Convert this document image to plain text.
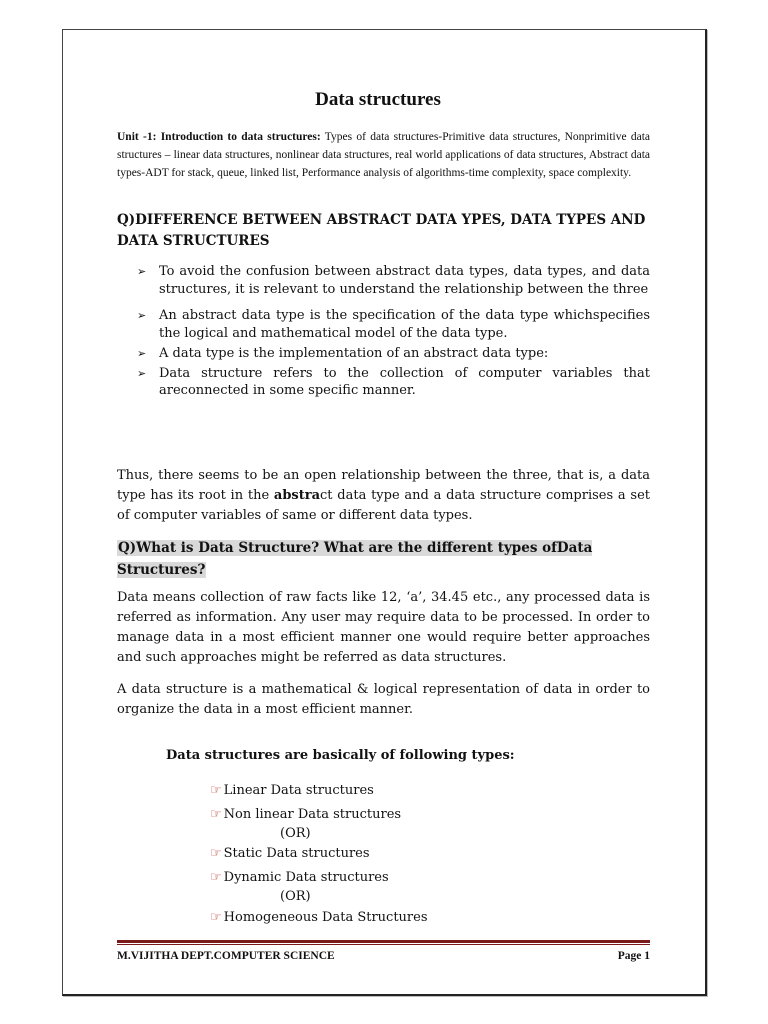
Data structures
Unit -1: Introduction to data structures: Types of data structures-Primitive data structures, Nonprimitive data structures – linear data structures, nonlinear data structures, real world applications of data structures, Abstract data types-ADT for stack, queue, linked list, Performance analysis of algorithms-time complexity, space complexity.
Q)DIFFERENCE BETWEEN ABSTRACT DATA YPES, DATA TYPES AND DATA STRUCTURES
➢ To avoid the confusion between abstract data types, data types, and data structures, it is relevant to understand the relationship between the three
➢ An abstract data type is the specification of the data type whichspecifies the logical and mathematical model of the data type.
➢ A data type is the implementation of an abstract data type:
➢ Data structure refers to the collection of computer variables that areconnected in some specific manner.
Thus, there seems to be an open relationship between the three, that is, a data type has its root in the abstract data type and a data structure comprises a set of computer variables of same or different data types.
Q)What is Data Structure? What are the different types ofData Structures?
Data means collection of raw facts like 12, ‘a’, 34.45 etc., any processed data is referred as information. Any user may require data to be processed. In order to manage data in a most efficient manner one would require better approaches and such approaches might be referred as data structures.
A data structure is a mathematical & logical representation of data in order to organize the data in a most efficient manner.
Data structures are basically of following types:
☞ Linear Data structures
☞ Non linear Data structures
(OR)
☞ Static Data structures
☞ Dynamic Data structures
(OR)
☞ Homogeneous Data Structures
M.VIJITHA DEPT.COMPUTER SCIENCE	Page 1
